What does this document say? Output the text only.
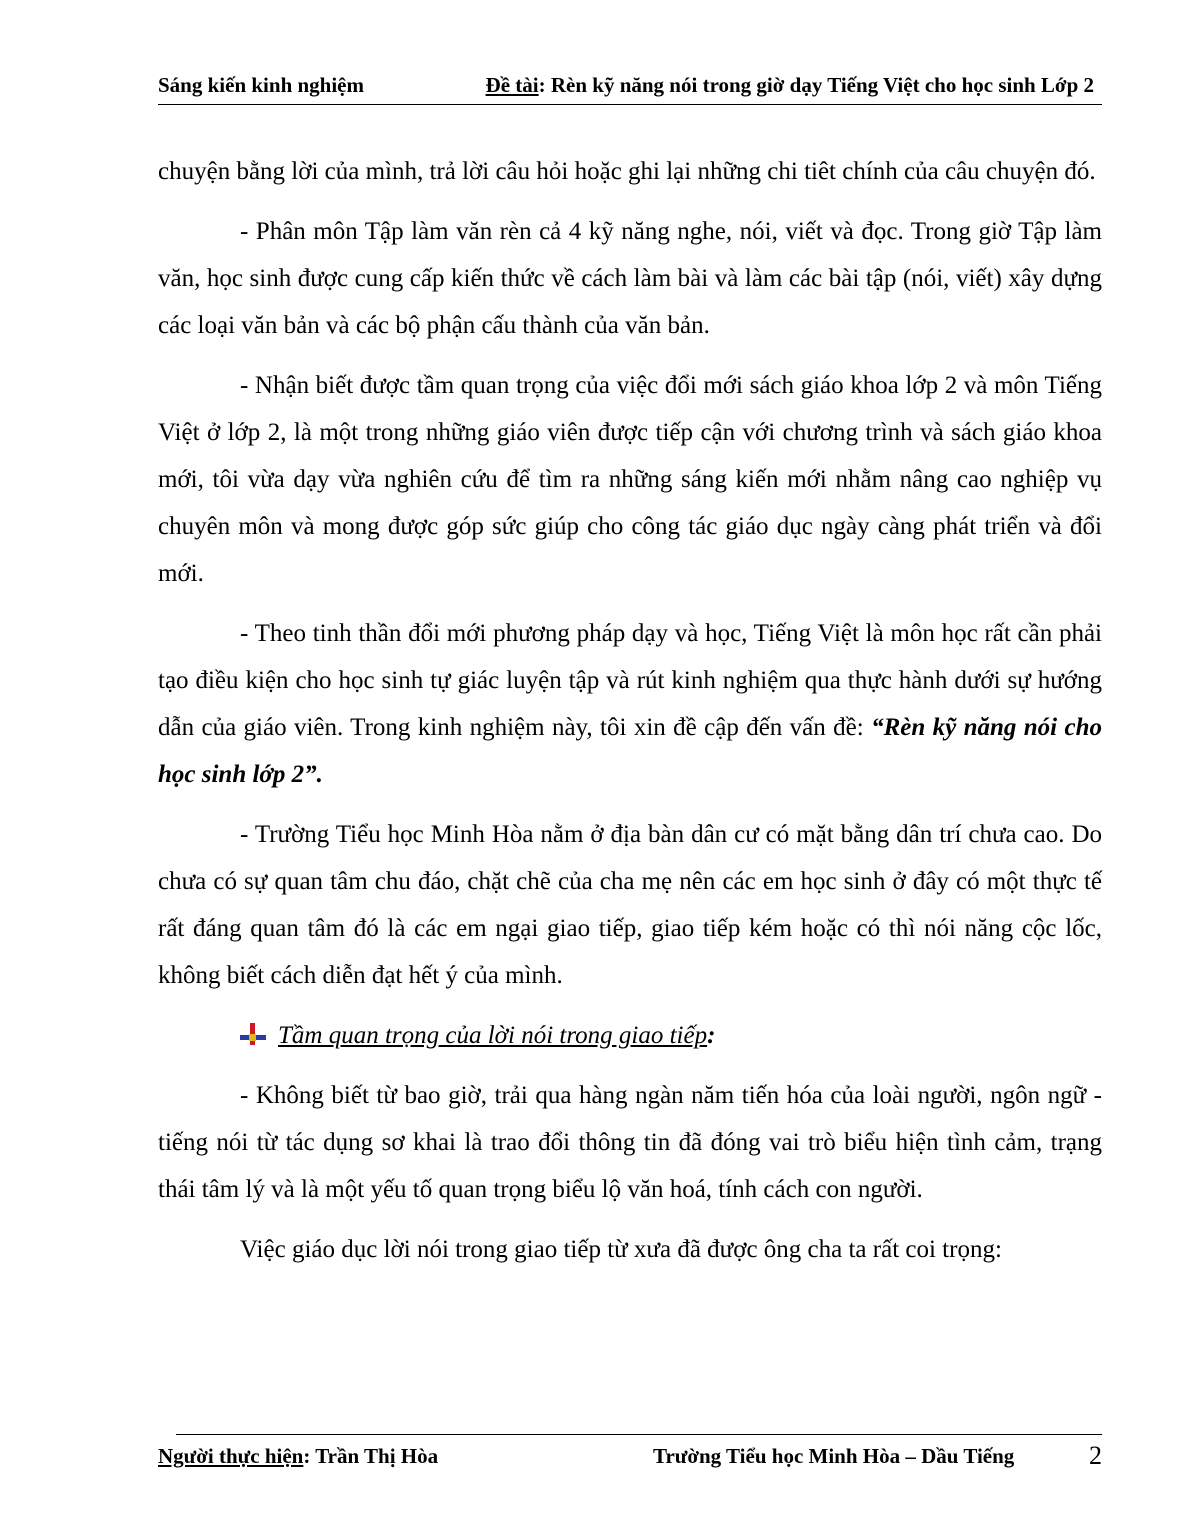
Sáng kiến kinh nghiệm	Đề tài: Rèn kỹ năng nói trong giờ dạy Tiếng Việt cho học sinh Lớp 2

chuyện bằng lời của mình, trả lời câu hỏi hoặc ghi lại những chi tiêt chính của câu chuyện đó.

- Phân môn Tập làm văn rèn cả 4 kỹ năng nghe, nói, viết và đọc. Trong giờ Tập làm văn, học sinh được cung cấp kiến thức về cách làm bài và làm các bài tập (nói, viết) xây dựng các loại văn bản và các bộ phận cấu thành của văn bản.

- Nhận biết được tầm quan trọng của việc đổi mới sách giáo khoa lớp 2 và môn Tiếng Việt ở lớp 2, là một trong những giáo viên được tiếp cận với chương trình và sách giáo khoa mới, tôi vừa dạy vừa nghiên cứu để tìm ra những sáng kiến mới nhằm nâng cao nghiệp vụ chuyên môn và mong được góp sức giúp cho công tác giáo dục ngày càng phát triển và đổi mới.

- Theo tinh thần đổi mới phương pháp dạy và học, Tiếng Việt là môn học rất cần phải tạo điều kiện cho học sinh tự giác luyện tập và rút kinh nghiệm qua thực hành dưới sự hướng dẫn của giáo viên. Trong kinh nghiệm này, tôi xin đề cập đến vấn đề: “Rèn kỹ năng nói cho học sinh lớp 2”.

- Trường Tiểu học Minh Hòa nằm ở địa bàn dân cư có mặt bằng dân trí chưa cao. Do chưa có sự quan tâm chu đáo, chặt chẽ của cha mẹ nên các em học sinh ở đây có một thực tế rất đáng quan tâm đó là các em ngại giao tiếp, giao tiếp kém hoặc có thì nói năng cộc lốc, không biết cách diễn đạt hết ý của mình.

Tầm quan trọng của lời nói trong giao tiếp:

- Không biết từ bao giờ, trải qua hàng ngàn năm tiến hóa của loài người, ngôn ngữ - tiếng nói từ tác dụng sơ khai là trao đổi thông tin đã đóng vai trò biểu hiện tình cảm, trạng thái tâm lý và là một yếu tố quan trọng biểu lộ văn hoá, tính cách con người.

Việc giáo dục lời nói trong giao tiếp từ xưa đã được ông cha ta rất coi trọng:

Người thực hiện: Trần Thị Hòa	Trường Tiểu học Minh Hòa – Dầu Tiếng	2
